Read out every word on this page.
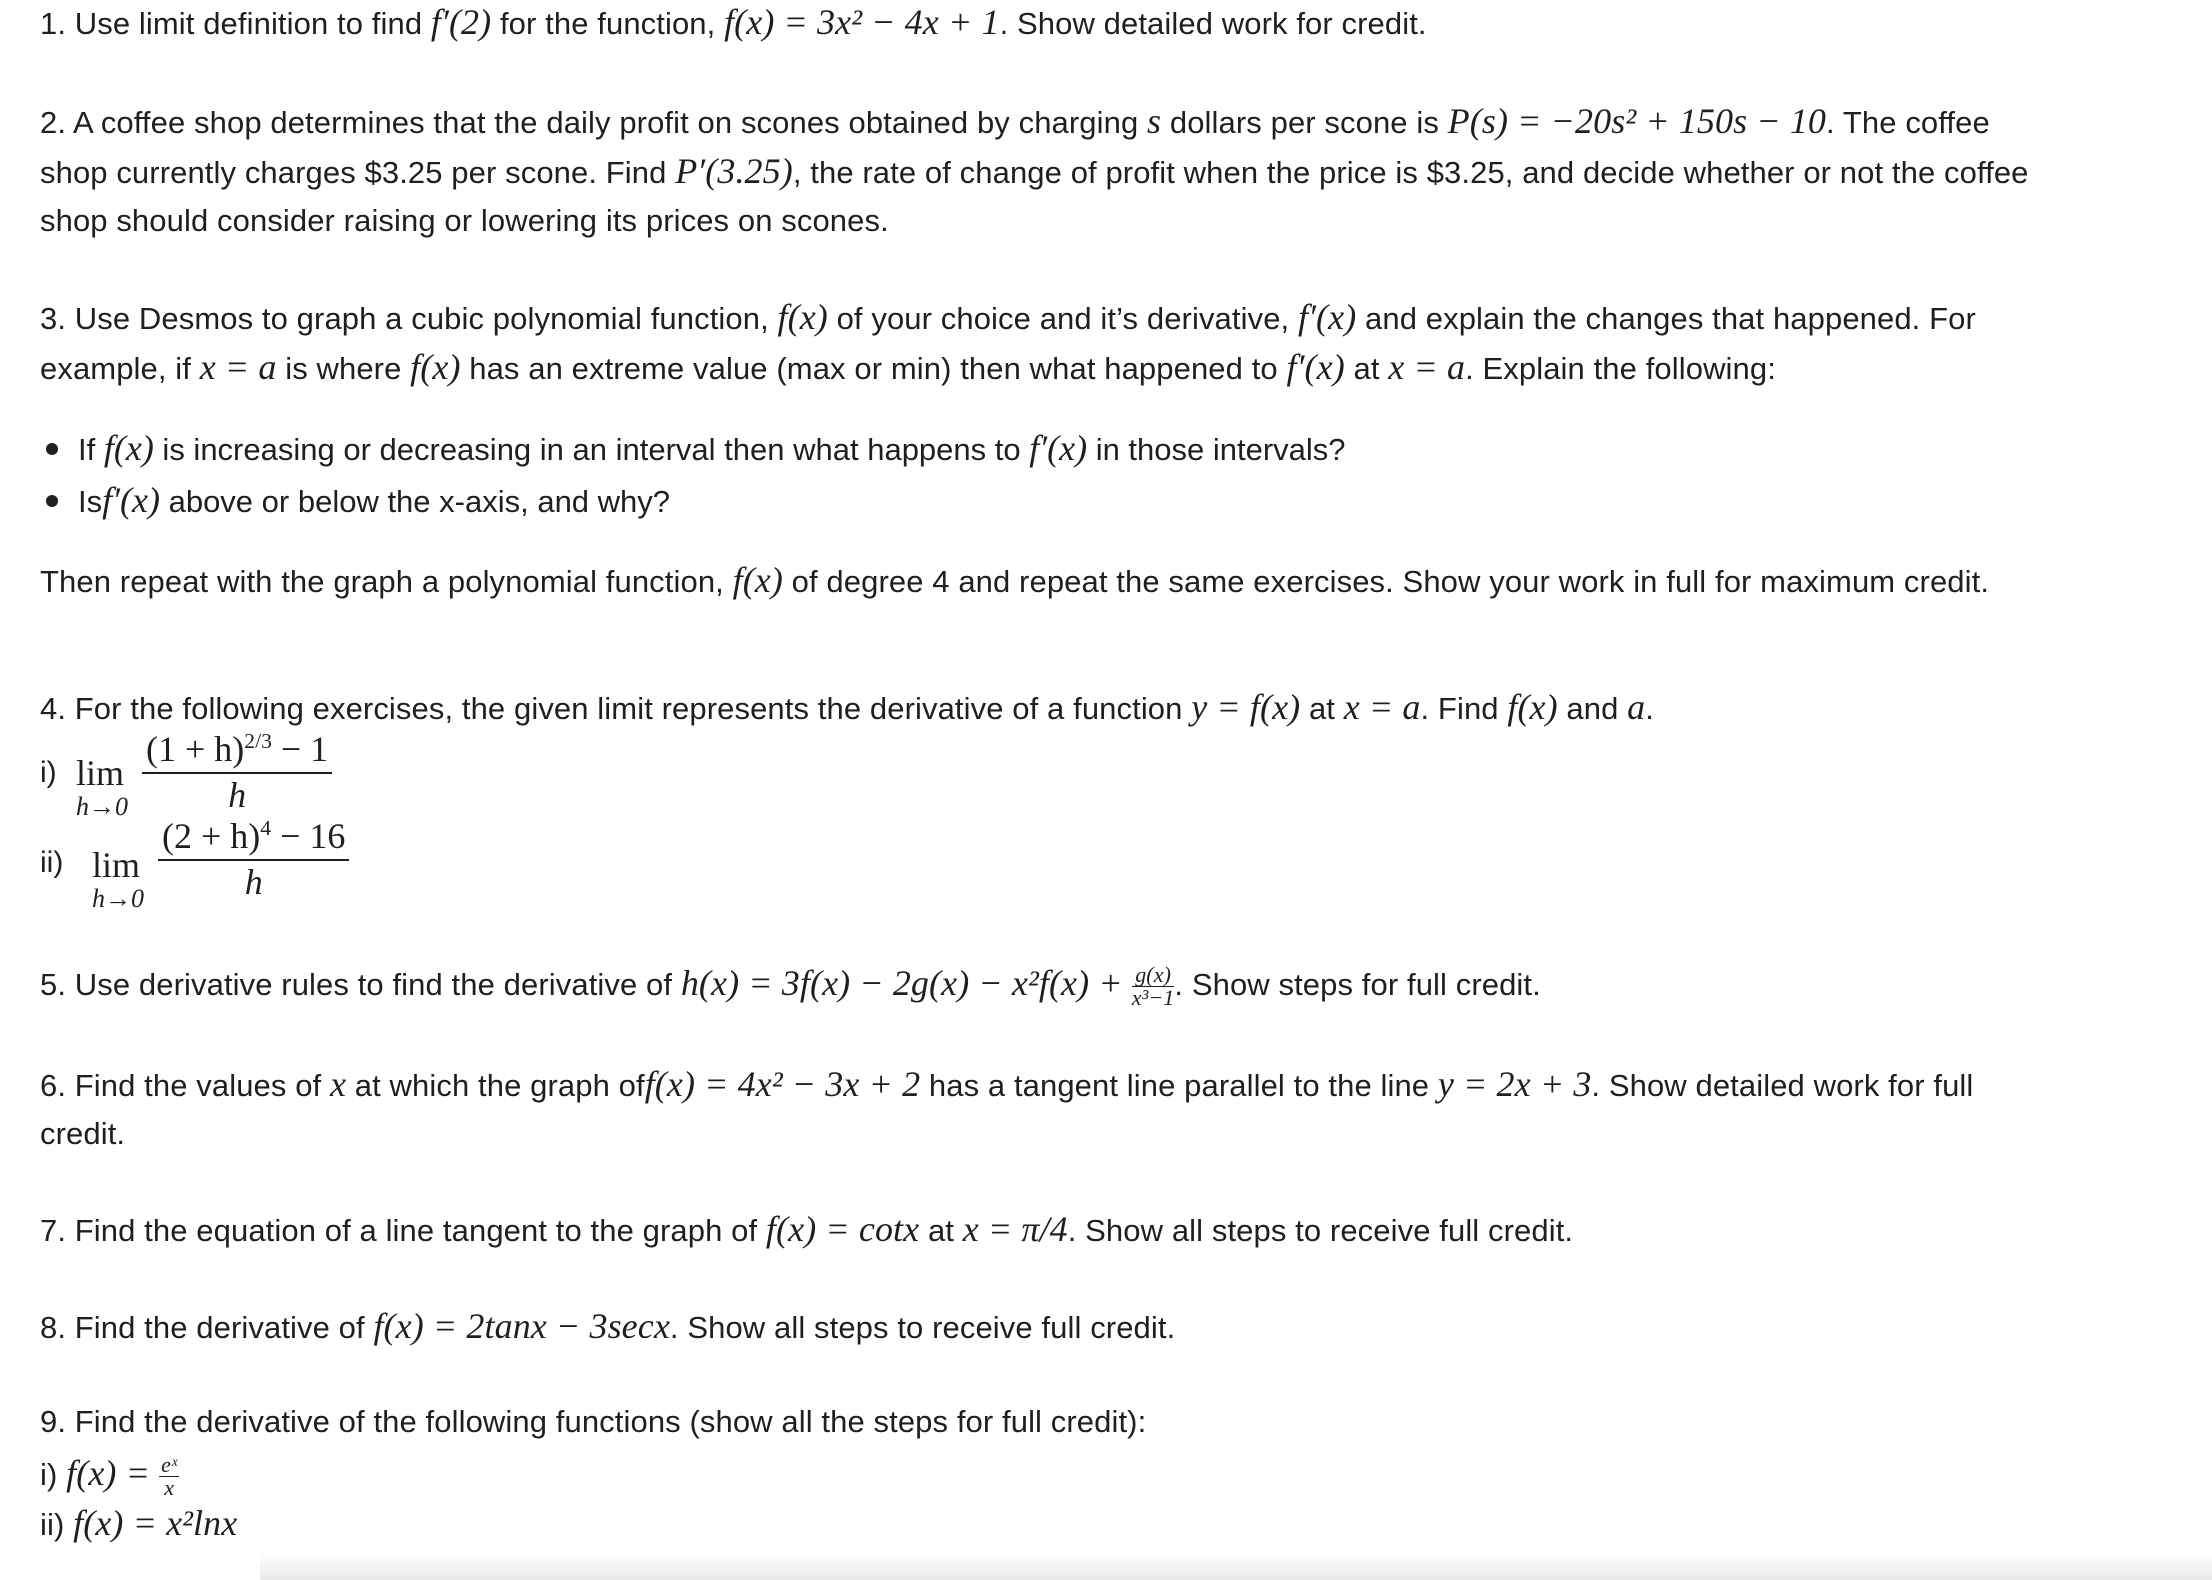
1. Use limit definition to find f′(2) for the function, f(x) = 3x² − 4x + 1. Show detailed work for credit.
2. A coffee shop determines that the daily profit on scones obtained by charging s dollars per scone is P(s) = −20s² + 150s − 10. The coffee
shop currently charges $3.25 per scone. Find P′(3.25), the rate of change of profit when the price is $3.25, and decide whether or not the coffee
shop should consider raising or lowering its prices on scones.
3. Use Desmos to graph a cubic polynomial function, f(x) of your choice and it’s derivative, f′(x) and explain the changes that happened. For
example, if x = a is where f(x) has an extreme value (max or min) then what happened to f′(x) at x = a. Explain the following:
If f(x) is increasing or decreasing in an interval then what happens to f′(x) in those intervals?
Isf′(x) above or below the x-axis, and why?
Then repeat with the graph a polynomial function, f(x) of degree 4 and repeat the same exercises. Show your work in full for maximum credit.
4. For the following exercises, the given limit represents the derivative of a function y = f(x) at x = a. Find f(x) and a.
i) lim
$h\to 0 \frac{(1 + h)^{2/3} - 1}{h}$
ii) lim
$h\to 0 \frac{(2 + h)^4 - 16}{h}$
5. Use derivative rules to find the derivative of $h(x) = 3f(x) - 2g(x) - x^2f(x) + \frac{g(x)}{\text{x³−1}}$ . Show steps for full credit.
6. Find the values of x at which the graph off(x) = 4x² − 3x + 2 has a tangent line parallel to the line y = 2x + 3. Show detailed work for full
credit.
7. Find the equation of a line tangent to the graph of f(x) = cotx at x = π/4. Show all steps to receive full credit.
8. Find the derivative of f(x) = 2tanx − 3secx. Show all steps to receive full credit.
9. Find the derivative of the following functions (show all the steps for full credit):
i) $f(x) = \frac{\text{eˣ}}{x}$
ii) f(x) = x²lnx
